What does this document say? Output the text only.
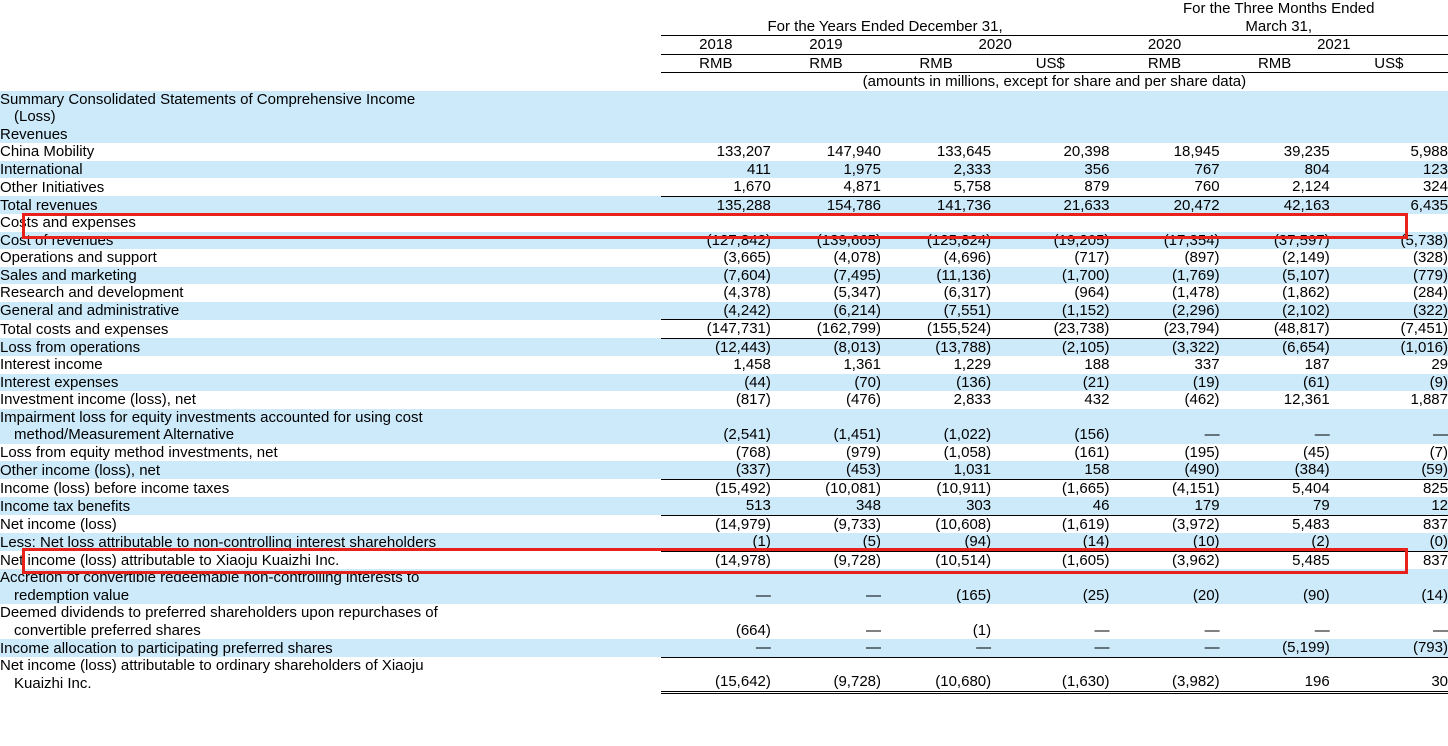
	For the Years Ended December 31,				For the Three Months Ended
March 31,		

	2018	2019	2020		2020	2021	
	RMB	RMB	RMB	US$	RMB	RMB	US$
	(amounts in millions, except for share and per share data)						

Summary Consolidated Statements of Comprehensive Income
(Loss)							

Revenues							
China Mobility	133,207	147,940	133,645	20,398	18,945	39,235	5,988
International	411	1,975	2,333	356	767	804	123
Other Initiatives	1,670	4,871	5,758	879	760	2,124	324
Total revenues	135,288	154,786	141,736	21,633	20,472	42,163	6,435
Costs and expenses							
Cost of revenues	(127,842)	(139,665)	(125,824)	(19,205)	(17,354)	(37,597)	(5,738)
Operations and support	(3,665)	(4,078)	(4,696)	(717)	(897)	(2,149)	(328)
Sales and marketing	(7,604)	(7,495)	(11,136)	(1,700)	(1,769)	(5,107)	(779)
Research and development	(4,378)	(5,347)	(6,317)	(964)	(1,478)	(1,862)	(284)
General and administrative	(4,242)	(6,214)	(7,551)	(1,152)	(2,296)	(2,102)	(322)
Total costs and expenses	(147,731)	(162,799)	(155,524)	(23,738)	(23,794)	(48,817)	(7,451)
Loss from operations	(12,443)	(8,013)	(13,788)	(2,105)	(3,322)	(6,654)	(1,016)
Interest income	1,458	1,361	1,229	188	337	187	29
Interest expenses	(44)	(70)	(136)	(21)	(19)	(61)	(9)
Investment income (loss), net	(817)	(476)	2,833	432	(462)	12,361	1,887

Impairment loss for equity investments accounted for using cost
method/Measurement Alternative	(2,541)	(1,451)	(1,022)	(156)	—	—	—
Loss from equity method investments, net	(768)	(979)	(1,058)	(161)	(195)	(45)	(7)
Other income (loss), net	(337)	(453)	1,031	158	(490)	(384)	(59)
Income (loss) before income taxes	(15,492)	(10,081)	(10,911)	(1,665)	(4,151)	5,404	825
Income tax benefits	513	348	303	46	179	79	12
Net income (loss)	(14,979)	(9,733)	(10,608)	(1,619)	(3,972)	5,483	837
Less: Net loss attributable to non-controlling interest shareholders	(1)	(5)	(94)	(14)	(10)	(2)	(0)
Net income (loss) attributable to Xiaoju Kuaizhi Inc.	(14,978)	(9,728)	(10,514)	(1,605)	(3,962)	5,485	837

Accretion of convertible redeemable non-controlling interests to
redemption value	—	—	(165)	(25)	(20)	(90)	(14)

Deemed dividends to preferred shareholders upon repurchases of
convertible preferred shares	(664)	—	(1)	—	—	—	—
Income allocation to participating preferred shares	—	—	—	—	—	(5,199)	(793)

Net income (loss) attributable to ordinary shareholders of Xiaoju
Kuaizhi Inc.	(15,642)	(9,728)	(10,680)	(1,630)	(3,982)	196	30
